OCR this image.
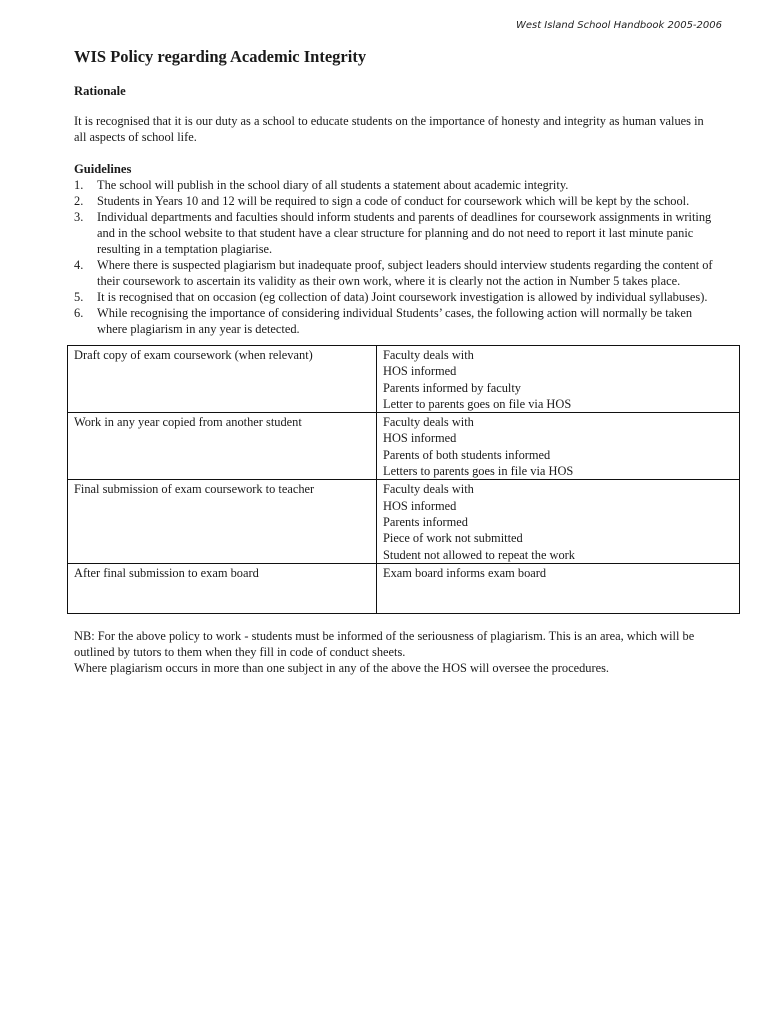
West Island School Handbook 2005-2006
WIS Policy regarding Academic Integrity
Rationale

It is recognised that it is our duty as a school to educate students on the importance of honesty and integrity as human values in all aspects of school life.

Guidelines
1. The school will publish in the school diary of all students a statement about academic integrity.
2. Students in Years 10 and 12 will be required to sign a code of conduct for coursework which will be kept by the school.
3. Individual departments and faculties should inform students and parents of deadlines for coursework assignments in writing and in the school website to that student have a clear structure for planning and do not need to report it last minute panic resulting in a temptation plagiarise.
4. Where there is suspected plagiarism but inadequate proof, subject leaders should interview students regarding the content of their coursework to ascertain its validity as their own work, where it is clearly not the action in Number 5 takes place.
5. It is recognised that on occasion (eg collection of data) Joint coursework investigation is allowed by individual syllabuses).
6. While recognising the importance of considering individual Students’ cases, the following action will normally be taken where plagiarism in any year is detected.
Draft copy of exam coursework (when relevant)	Faculty deals with
HOS informed
Parents informed by faculty
Letter to parents goes on file via HOS

Work in any year copied from another student	Faculty deals with
HOS informed
Parents of both students informed
Letters to parents goes in file via HOS

Final submission of exam coursework to teacher	Faculty deals with
HOS informed
Parents informed
Piece of work not submitted
Student not allowed to repeat the work

After final submission to exam board	Exam board informs exam board

NB: For the above policy to work - students must be informed of the seriousness of plagiarism. This is an area, which will be outlined by tutors to them when they fill in code of conduct sheets.

Where plagiarism occurs in more than one subject in any of the above the HOS will oversee the procedures.
